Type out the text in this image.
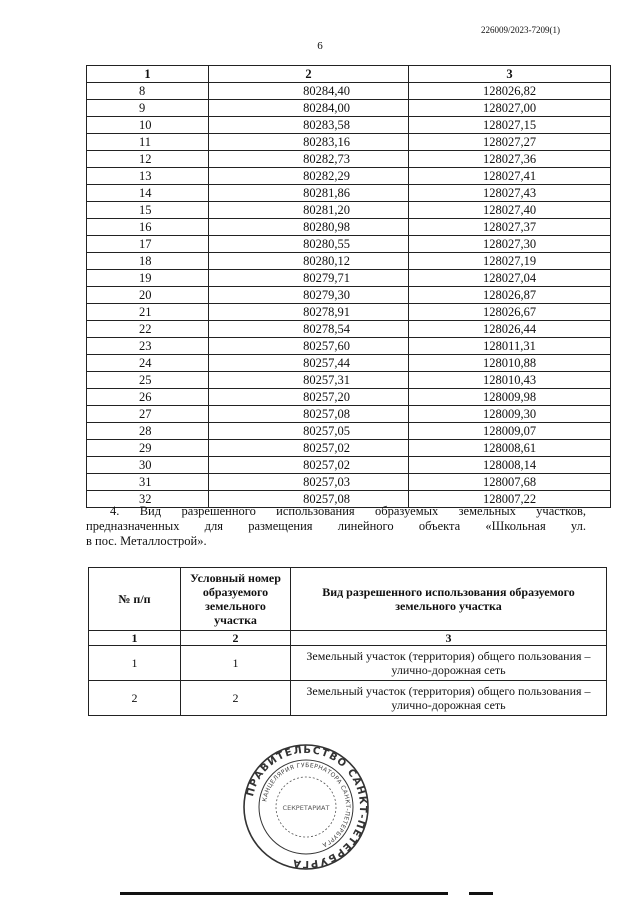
226009/2023-7209(1)
6
1	2	3
8	80284,40	128026,82
9	80284,00	128027,00
10	80283,58	128027,15
11	80283,16	128027,27
12	80282,73	128027,36
13	80282,29	128027,41
14	80281,86	128027,43
15	80281,20	128027,40
16	80280,98	128027,37
17	80280,55	128027,30
18	80280,12	128027,19
19	80279,71	128027,04
20	80279,30	128026,87
21	80278,91	128026,67
22	80278,54	128026,44
23	80257,60	128011,31
24	80257,44	128010,88
25	80257,31	128010,43
26	80257,20	128009,98
27	80257,08	128009,30
28	80257,05	128009,07
29	80257,02	128008,61
30	80257,02	128008,14
31	80257,03	128007,68
32	80257,08	128007,22
4. Вид разрешенного использования образуемых земельных участков,
предназначенных для размещения линейного объекта «Школьная ул.
в пос. Металлострой».
№ п/п	Условный номер образуемого земельного участка	Вид разрешенного использования образуемого земельного участка
1	2	3
1	1	Земельный участок (территория) общего пользования – улично-дорожная сеть
2	2	Земельный участок (территория) общего пользования – улично-дорожная сеть
ПРАВИТЕЛЬСТВО САНКТ-ПЕТЕРБУРГА
КАНЦЕЛЯРИЯ ГУБЕРНАТОРА САНКТ-ПЕТЕРБУРГА
СЕКРЕТАРИАТ
